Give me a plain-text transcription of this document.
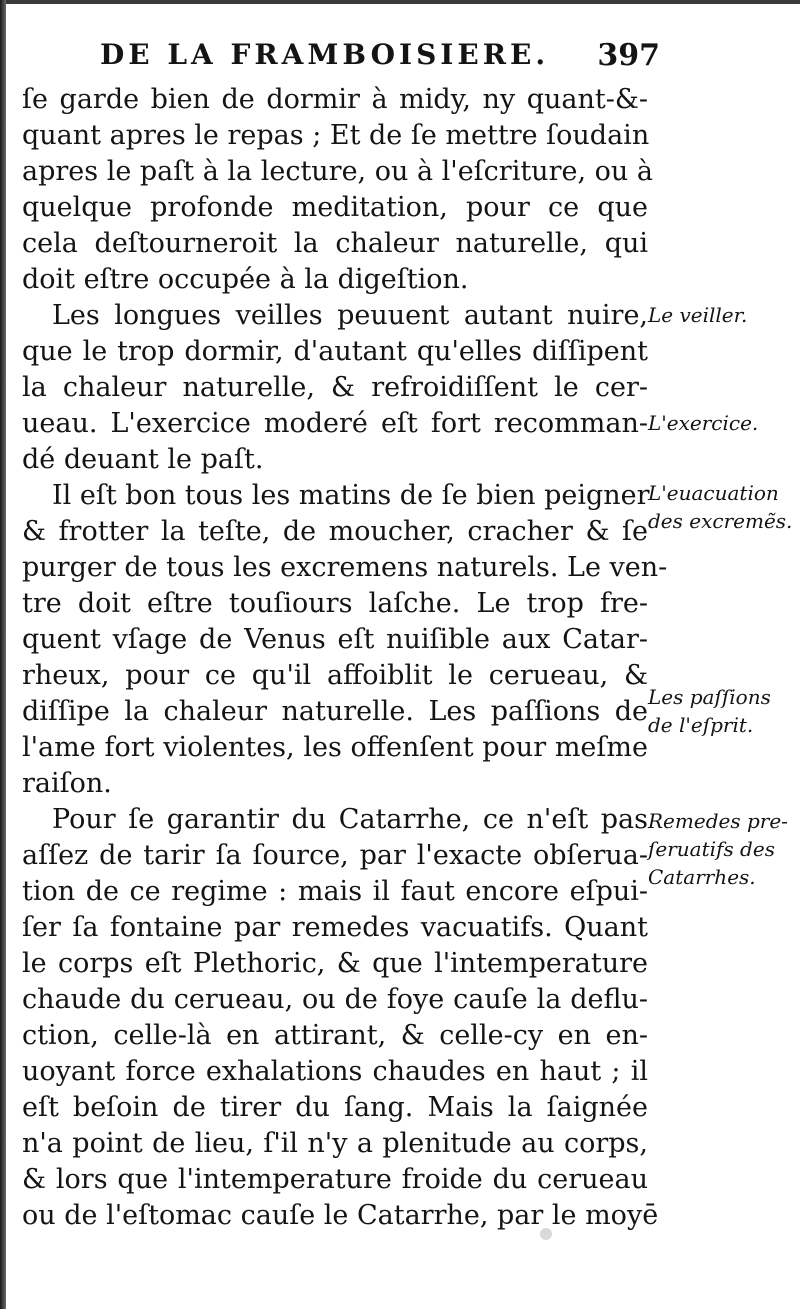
DE LA FRAMBOISIERE. 397
ſe garde bien de dormir à midy, ny quant-&-
quant apres le repas ; Et de ſe mettre ſoudain
apres le paſt à la lecture, ou à l'eſcriture, ou à
quelque profonde meditation, pour ce que
cela deſtourneroit la chaleur naturelle, qui
doit eſtre occupée à la digeſtion.
Les longues veilles peuuent autant nuire,
que le trop dormir, d'autant qu'elles diſſipent
la chaleur naturelle, & refroidiſſent le cer-
ueau. L'exercice moderé eſt fort recomman-
dé deuant le paſt.
Il eſt bon tous les matins de ſe bien peigner
& frotter la teſte, de moucher, cracher & ſe
purger de tous les excremens naturels. Le ven-
tre doit eſtre touſiours laſche. Le trop fre-
quent vſage de Venus eſt nuiſible aux Catar-
rheux, pour ce qu'il affoiblit le cerueau, &
diſſipe la chaleur naturelle. Les paſſions de
l'ame fort violentes, les offenſent pour meſme
raiſon.
Pour ſe garantir du Catarrhe, ce n'eſt pas
aſſez de tarir ſa ſource, par l'exacte obſerua-
tion de ce regime : mais il faut encore eſpui-
ſer ſa fontaine par remedes vacuatifs. Quant
le corps eſt Plethoric, & que l'intemperature
chaude du cerueau, ou de foye cauſe la deflu-
ction, celle-là en attirant, & celle-cy en en-
uoyant force exhalations chaudes en haut ; il
eſt beſoin de tirer du ſang. Mais la ſaignée
n'a point de lieu, ſ'il n'y a plenitude au corps,
& lors que l'intemperature froide du cerueau
ou de l'eſtomac cauſe le Catarrhe, par le moyē
Le veiller.
L'exercice.
L'euacuation
des excremẽs.
Les paſſions
de l'eſprit.
Remedes pre-
ſeruatifs des
Catarrhes.
